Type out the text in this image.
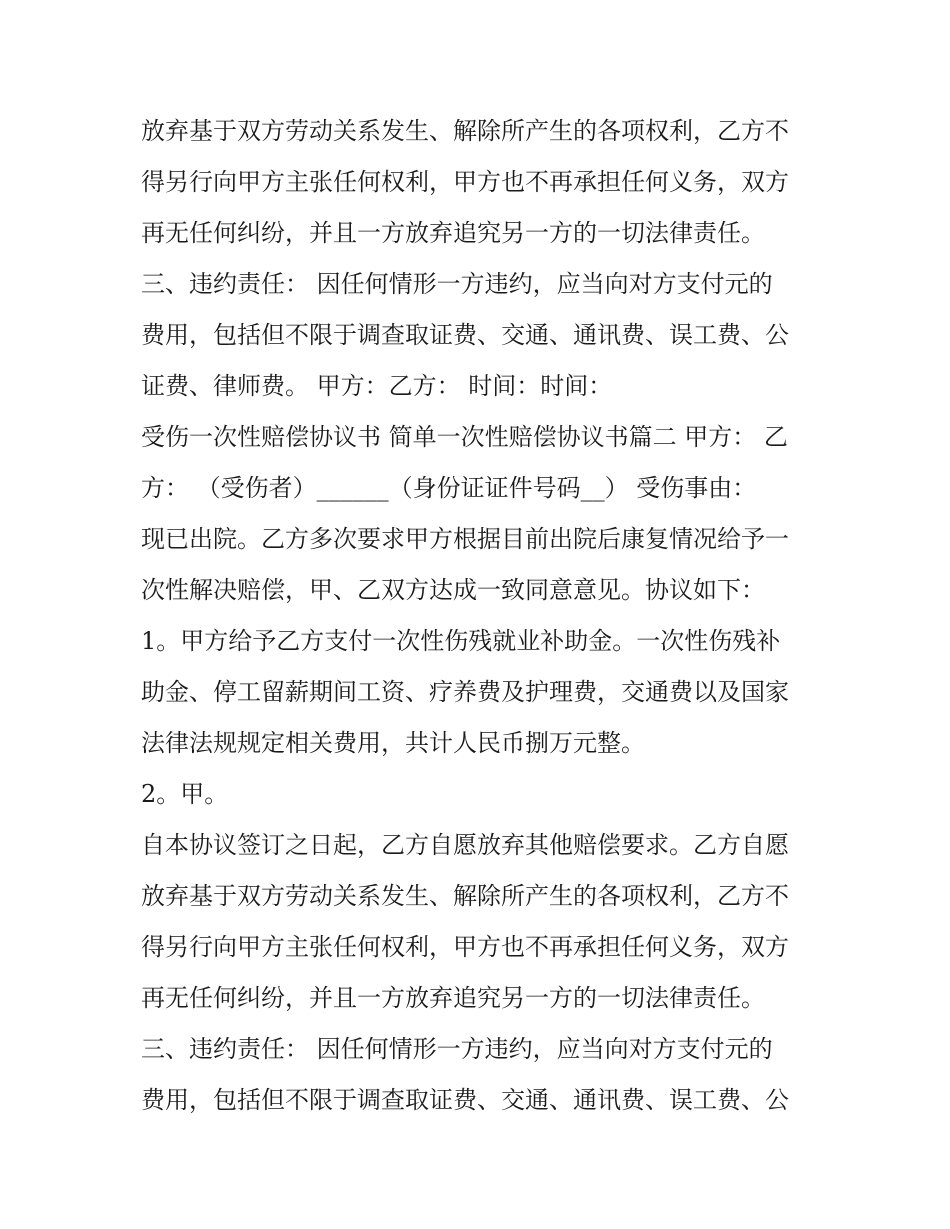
放弃基于双方劳动关系发生、解除所产生的各项权利，乙方不
得另行向甲方主张任何权利，甲方也不再承担任何义务，双方
再无任何纠纷，并且一方放弃追究另一方的一切法律责任。
三、违约责任： 因任何情形一方违约，应当向对方支付元的
费用，包括但不限于调查取证费、交通、通讯费、误工费、公
证费、律师费。 甲方：乙方： 时间：时间：
受伤一次性赔偿协议书 简单一次性赔偿协议书篇二 甲方： 乙
方： （受伤者）______（身份证证件号码__） 受伤事由：
现已出院。乙方多次要求甲方根据目前出院后康复情况给予一
次性解决赔偿，甲、乙双方达成一致同意意见。协议如下：
1。甲方给予乙方支付一次性伤残就业补助金。一次性伤残补
助金、停工留薪期间工资、疗养费及护理费，交通费以及国家
法律法规规定相关费用，共计人民币捌万元整。
2。甲。
自本协议签订之日起，乙方自愿放弃其他赔偿要求。乙方自愿
放弃基于双方劳动关系发生、解除所产生的各项权利，乙方不
得另行向甲方主张任何权利，甲方也不再承担任何义务，双方
再无任何纠纷，并且一方放弃追究另一方的一切法律责任。
三、违约责任： 因任何情形一方违约，应当向对方支付元的
费用，包括但不限于调查取证费、交通、通讯费、误工费、公
